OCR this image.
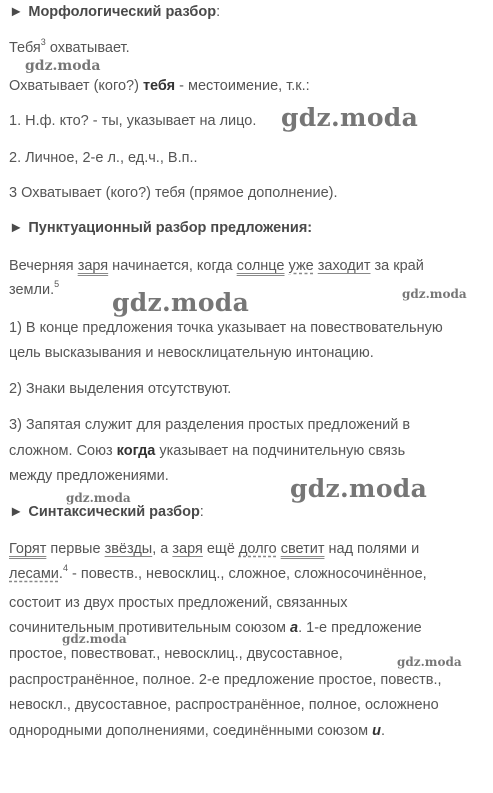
► Морфологический разбор:
Тебя$^3$ охватывает.
Охватывает (кого?) тебя - местоимение, т.к.:
1. Н.ф. кто? - ты, указывает на лицо.
2. Личное, 2-е л., ед.ч., В.п..
3 Охватывает (кого?) тебя (прямое дополнение).
► Пунктуационный разбор предложения:
Вечерняя заря начинается, когда солнце уже заходит за край
земли.$^5$
1) В конце предложения точка указывает на повествовательную
цель высказывания и невосклицательную интонацию.
2) Знаки выделения отсутствуют.
3) Запятая служит для разделения простых предложений в
сложном. Союз когда указывает на подчинительную связь
между предложениями.
► Синтаксический разбор:
Горят первые звёзды, а заря ещё долго светит над полями и
лесами.$^4$ - повеств., невосклиц., сложное, сложносочинённое,
состоит из двух простых предложений, связанных
сочинительным противительным союзом а. 1-е предложение
простое, повествоват., невосклиц., двусоставное,
распространённое, полное. 2-е предложение простое, повеств.,
невоскл., двусоставное, распространённое, полное, осложнено
однородными дополнениями, соединёнными союзом и.
gdz.moda
gdz.moda
gdz.moda	gdz.moda
gdz.moda
gdz.moda
gdz.moda
gdz.moda
